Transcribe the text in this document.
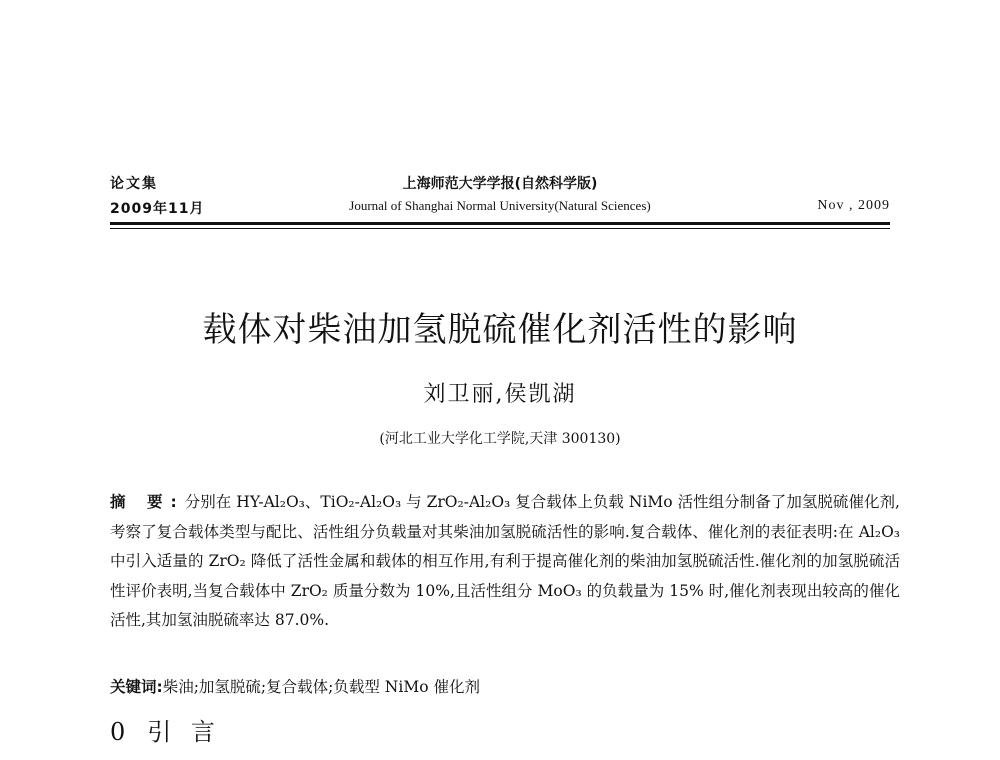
论文集	上海师范大学学报(自然科学版)
2009年11月	Journal of Shanghai Normal University(Natural Sciences)	Nov , 2009
载体对柴油加氢脱硫催化剂活性的影响
刘卫丽,侯凯湖
(河北工业大学化工学院,天津 300130)
摘 要:分别在 HY-Al₂O₃、TiO₂-Al₂O₃ 与 ZrO₂-Al₂O₃ 复合载体上负载 NiMo 活性组分制备了加氢脱硫催化剂,考察了复合载体类型与配比、活性组分负载量对其柴油加氢脱硫活性的影响.复合载体、催化剂的表征表明:在 Al₂O₃ 中引入适量的 ZrO₂ 降低了活性金属和载体的相互作用,有利于提高催化剂的柴油加氢脱硫活性.催化剂的加氢脱硫活性评价表明,当复合载体中 ZrO₂ 质量分数为 10%,且活性组分 MoO₃ 的负载量为 15% 时,催化剂表现出较高的催化活性,其加氢油脱硫率达 87.0%.
关键词:柴油;加氢脱硫;复合载体;负载型 NiMo 催化剂
0 引 言
